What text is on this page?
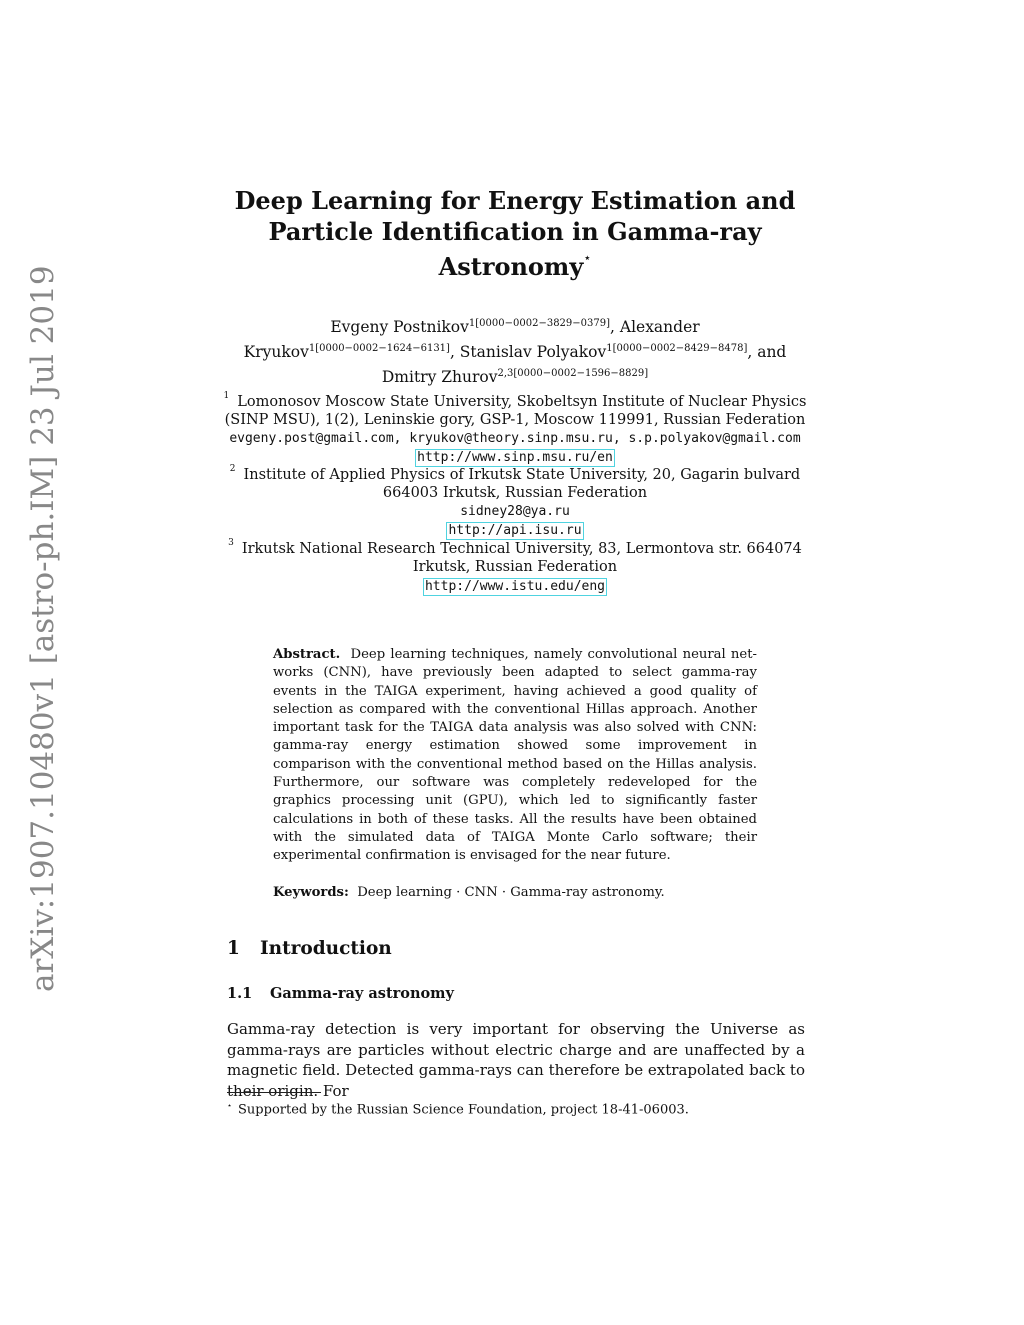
arXiv:1907.10480v1 [astro-ph.IM] 23 Jul 2019
Deep Learning for Energy Estimation and
Particle Identification in Gamma-ray
Astronomy⋆
Evgeny Postnikov$^{1[0000-0002-3829-0379]}$, Alexander
Kryukov$^{1[0000-0002-1624-6131]}$, Stanislav Polyakov$^{1[0000-0002-8429-8478]}$, and
Dmitry Zhurov$^{2,3[0000-0002-1596-8829]}$
$^1$ Lomonosov Moscow State University, Skobeltsyn Institute of Nuclear Physics
(SINP MSU), 1(2), Leninskie gory, GSP-1, Moscow 119991, Russian Federation
evgeny.post@gmail.com, kryukov@theory.sinp.msu.ru, s.p.polyakov@gmail.com
http://www.sinp.msu.ru/en
$^2$ Institute of Applied Physics of Irkutsk State University, 20, Gagarin bulvard
664003 Irkutsk, Russian Federation
sidney28@ya.ru
http://api.isu.ru
$^3$ Irkutsk National Research Technical University, 83, Lermontova str. 664074
Irkutsk, Russian Federation
http://www.istu.edu/eng
Abstract. Deep learning techniques, namely convolutional neural networks (CNN), have previously been adapted to select gamma-ray events in the TAIGA experiment, having achieved a good quality of selection as compared with the conventional Hillas approach. Another important task for the TAIGA data analysis was also solved with CNN: gamma-ray energy estimation showed some improvement in comparison with the conventional method based on the Hillas analysis. Furthermore, our software was completely redeveloped for the graphics processing unit (GPU), which led to significantly faster calculations in both of these tasks. All the results have been obtained with the simulated data of TAIGA Monte Carlo software; their experimental confirmation is envisaged for the near future.
Keywords: Deep learning · CNN · Gamma-ray astronomy.
1 Introduction
1.1 Gamma-ray astronomy
Gamma-ray detection is very important for observing the Universe as gamma-rays are particles without electric charge and are unaffected by a magnetic field. Detected gamma-rays can therefore be extrapolated back to their origin. For
⋆ Supported by the Russian Science Foundation, project 18-41-06003.
